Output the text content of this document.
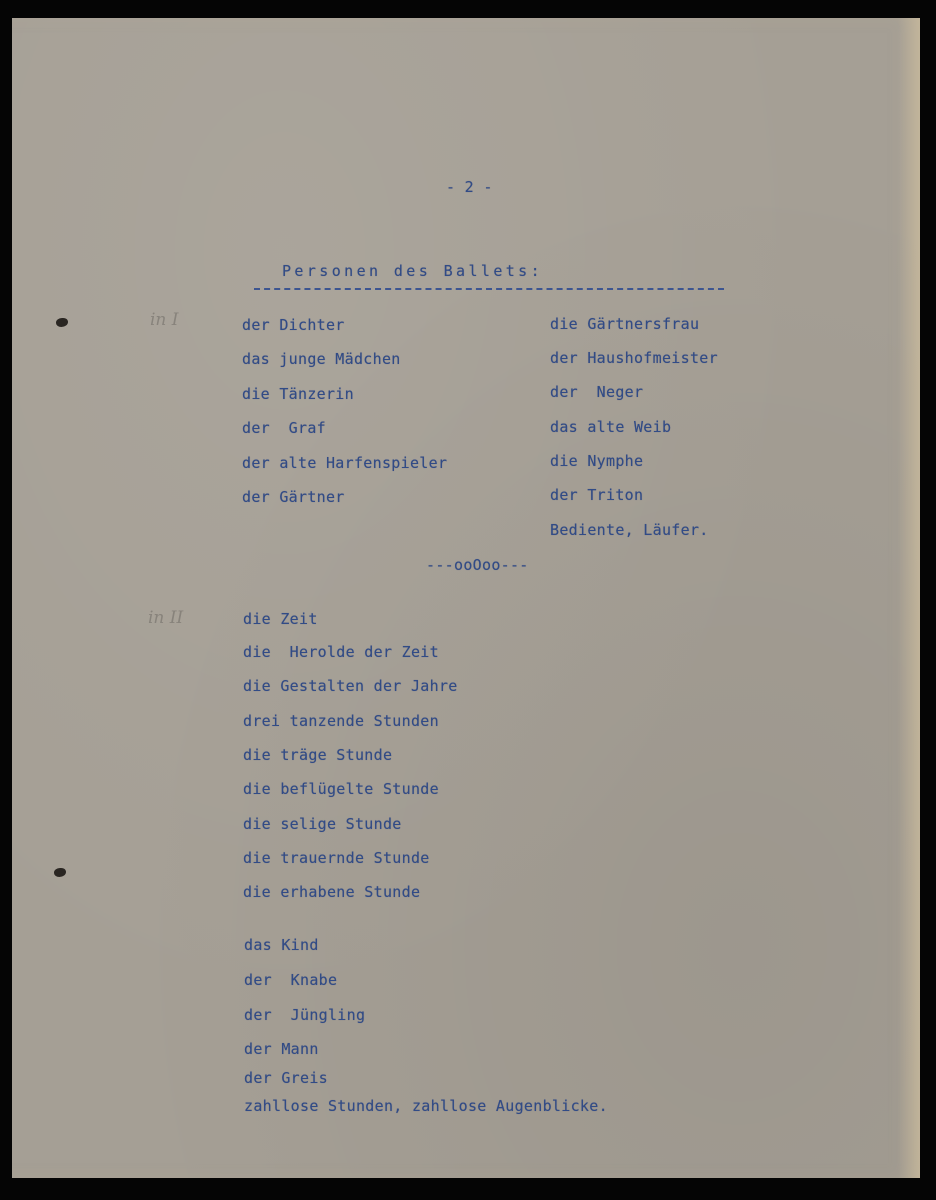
- 2 -
Personen des Ballets:
in I	der Dichter
das junge Mädchen
die Tänzerin
der  Graf
der alte Harfenspieler
der Gärtner
die Gärtnersfrau
der Haushofmeister
der  Neger
das alte Weib
die Nymphe
der Triton
Bediente, Läufer.
---ooOoo---
in II	die Zeit
die  Herolde der Zeit
die Gestalten der Jahre
drei tanzende Stunden
die träge Stunde
die beflügelte Stunde
die selige Stunde
die trauernde Stunde
die erhabene Stunde
das Kind
der  Knabe
der  Jüngling
der Mann
der Greis
zahllose Stunden, zahllose Augenblicke.
